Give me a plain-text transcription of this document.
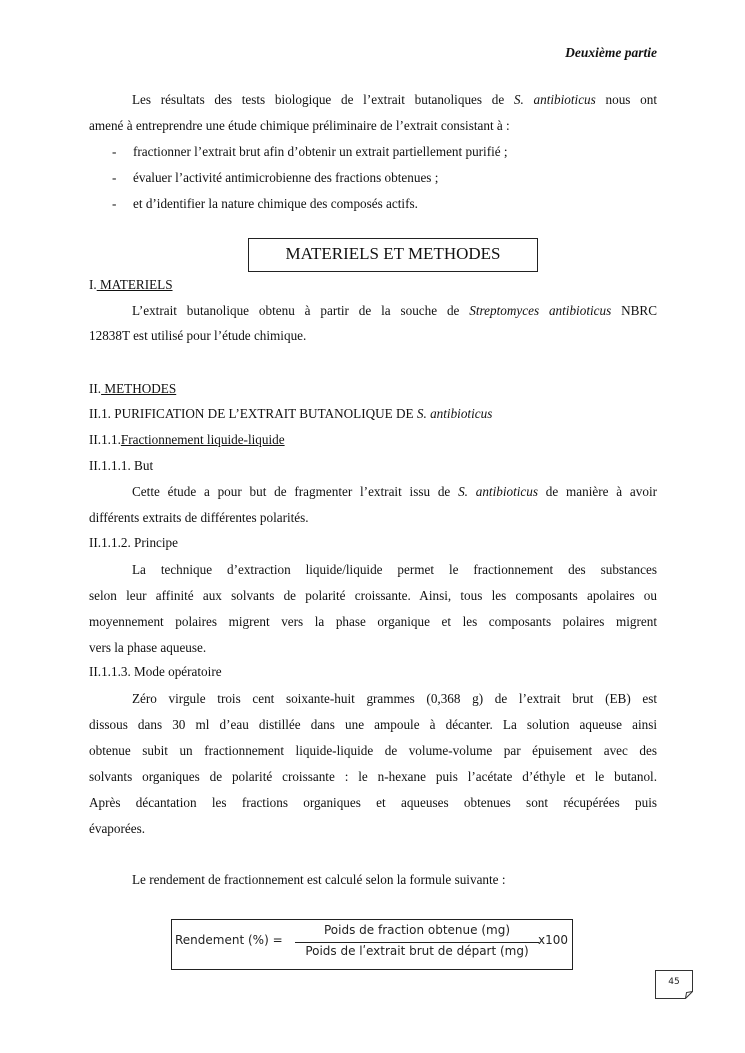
Deuxième partie
Les résultats des tests biologique de l’extrait butanoliques de S. antibioticus nous ont
amené à entreprendre une étude chimique préliminaire de l’extrait consistant à :
- fractionner l’extrait brut afin d’obtenir un extrait partiellement purifié ;
- évaluer l’activité antimicrobienne des fractions obtenues ;
- et d’identifier la nature chimique des composés actifs.
MATERIELS ET METHODES
I. MATERIELS
L’extrait butanolique obtenu à partir de la souche de Streptomyces antibioticus NBRC
12838T est utilisé pour l’étude chimique.
II. METHODES
II.1. PURIFICATION DE L’EXTRAIT BUTANOLIQUE DE S. antibioticus
II.1.1.Fractionnement liquide-liquide
II.1.1.1. But
Cette étude a pour but de fragmenter l’extrait issu de S. antibioticus de manière à avoir
différents extraits de différentes polarités.
II.1.1.2. Principe
La technique d’extraction liquide/liquide permet le fractionnement des substances
selon leur affinité aux solvants de polarité croissante. Ainsi, tous les composants apolaires ou
moyennement polaires migrent vers la phase organique et les composants polaires migrent
vers la phase aqueuse.
II.1.1.3. Mode opératoire
Zéro virgule trois cent soixante-huit grammes (0,368 g) de l’extrait brut (EB) est
dissous dans 30 ml d’eau distillée dans une ampoule à décanter. La solution aqueuse ainsi
obtenue subit un fractionnement liquide-liquide de volume-volume par épuisement avec des
solvants organiques de polarité croissante : le n-hexane puis l’acétate d’éthyle et le butanol.
Après décantation les fractions organiques et aqueuses obtenues sont récupérées puis
évaporées.
Le rendement de fractionnement est calculé selon la formule suivante :
Rendement (%) =
Poids de fraction obtenue (mg)
Poids de lʹextrait brut de départ (mg)
x100
45
